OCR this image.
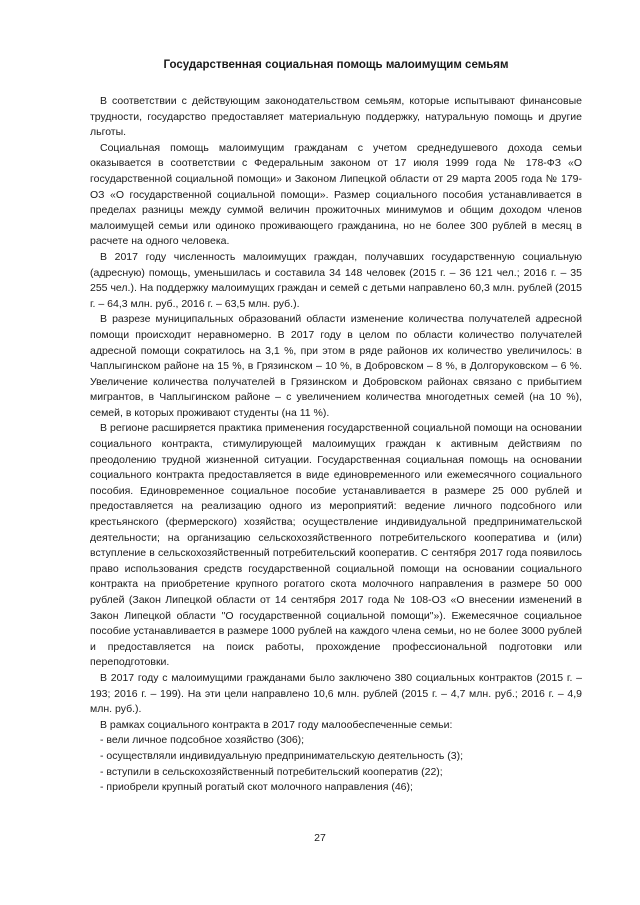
Государственная социальная помощь малоимущим семьям

В соответствии с действующим законодательством семьям, которые испытывают финансовые трудности, государство предоставляет материальную поддержку, натуральную помощь и другие льготы.

Социальная помощь малоимущим гражданам с учетом среднедушевого дохода семьи оказывается в соответствии с Федеральным законом от 17 июля 1999 года № 178-ФЗ «О государственной социальной помощи» и Законом Липецкой области от 29 марта 2005 года № 179-ОЗ «О государственной социальной помощи». Размер социального пособия устанавливается в пределах разницы между суммой величин прожиточных минимумов и общим доходом членов малоимущей семьи или одиноко проживающего гражданина, но не более 300 рублей в месяц в расчете на одного человека.

В 2017 году численность малоимущих граждан, получавших государственную социальную (адресную) помощь, уменьшилась и составила 34 148 человек (2015 г. – 36 121 чел.; 2016 г. – 35 255 чел.). На поддержку малоимущих граждан и семей с детьми направлено 60,3 млн. рублей (2015 г. – 64,3 млн. руб., 2016 г. – 63,5 млн. руб.).

В разрезе муниципальных образований области изменение количества получателей адресной помощи происходит неравномерно. В 2017 году в целом по области количество получателей адресной помощи сократилось на 3,1 %, при этом в ряде районов их количество увеличилось: в Чаплыгинском районе на 15 %, в Грязинском – 10 %, в Добровском – 8 %, в Долгоруковском – 6 %. Увеличение количества получателей в Грязинском и Добровском районах связано с прибытием мигрантов, в Чаплыгинском районе – с увеличением количества многодетных семей (на 10 %), семей, в которых проживают студенты (на 11 %).

В регионе расширяется практика применения государственной социальной помощи на основании социального контракта, стимулирующей малоимущих граждан к активным действиям по преодолению трудной жизненной ситуации. Государственная социальная помощь на основании социального контракта предоставляется в виде единовременного или ежемесячного социального пособия. Единовременное социальное пособие устанавливается в размере 25 000 рублей и предоставляется на реализацию одного из мероприятий: ведение личного подсобного или крестьянского (фермерского) хозяйства; осуществление индивидуальной предпринимательской деятельности; на организацию сельскохозяйственного потребительского кооператива и (или) вступление в сельскохозяйственный потребительский кооператив. С сентября 2017 года появилось право использования средств государственной социальной помощи на основании социального контракта на приобретение крупного рогатого скота молочного направления в размере 50 000 рублей (Закон Липецкой области от 14 сентября 2017 года № 108-ОЗ «О внесении изменений в Закон Липецкой области "О государственной социальной помощи"»). Ежемесячное социальное пособие устанавливается в размере 1000 рублей на каждого члена семьи, но не более 3000 рублей и предоставляется на поиск работы, прохождение профессиональной подготовки или переподготовки.

В 2017 году с малоимущими гражданами было заключено 380 социальных контрактов (2015 г. – 193; 2016 г. – 199). На эти цели направлено 10,6 млн. рублей (2015 г. – 4,7 млн. руб.; 2016 г. – 4,9 млн. руб.).

В рамках социального контракта в 2017 году малообеспеченные семьи:

- вели личное подсобное хозяйство (306);
- осуществляли индивидуальную предпринимательскую деятельность (3);
- вступили в сельскохозяйственный потребительский кооператив (22);
- приобрели крупный рогатый скот молочного направления (46);
27
